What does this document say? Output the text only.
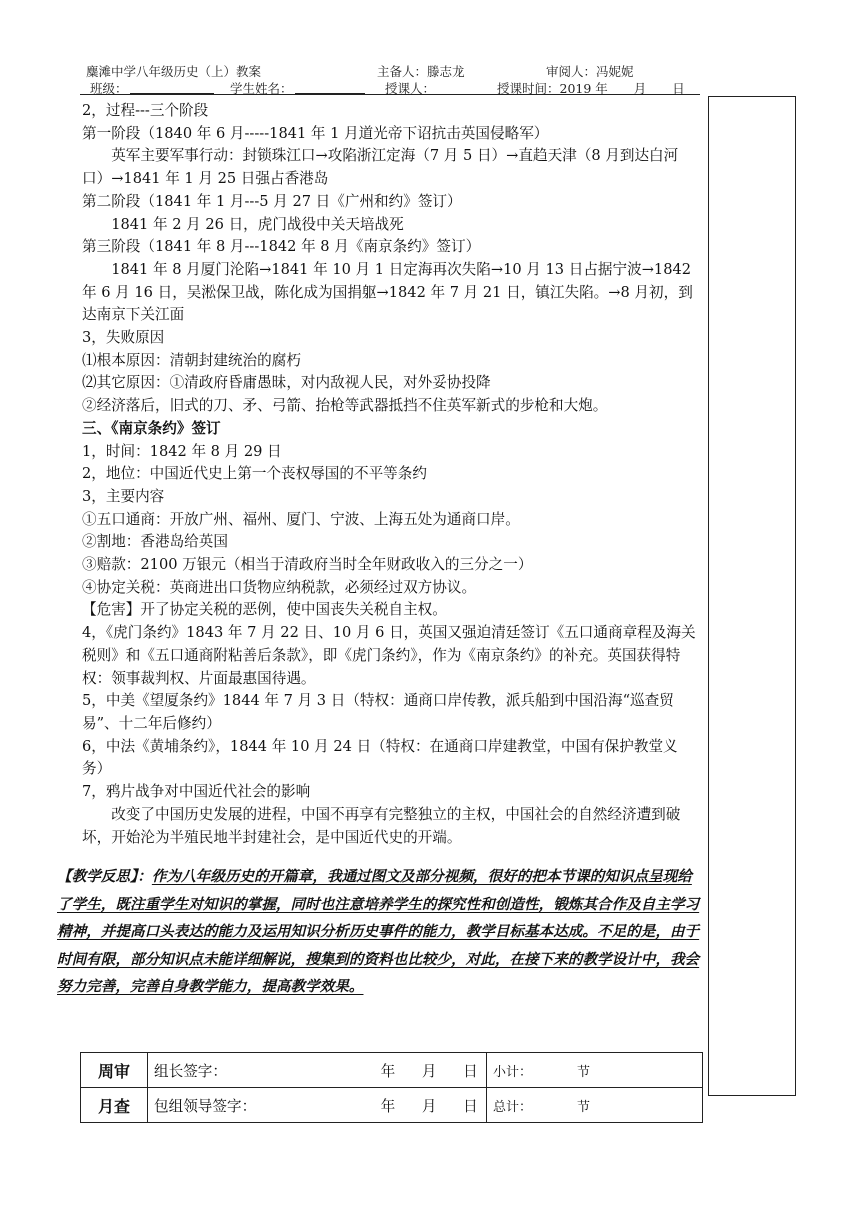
麋滩中学八年级历史（上）教案	主备人：滕志龙	审阅人：冯妮妮
班级：	学生姓名：	授课人：	授课时间：2019 年 月 日

2，过程---三个阶段

第一阶段（1840 年 6 月-----1841 年 1 月道光帝下诏抗击英国侵略军）

英军主要军事行动：封锁珠江口→攻陷浙江定海（7 月 5 日）→直趋天津（8 月到达白河口）→1841 年 1 月 25 日强占香港岛

第二阶段（1841 年 1 月---5 月 27 日《广州和约》签订）

1841 年 2 月 26 日，虎门战役中关天培战死

第三阶段（1841 年 8 月---1842 年 8 月《南京条约》签订）

1841 年 8 月厦门沦陷→1841 年 10 月 1 日定海再次失陷→10 月 13 日占据宁波→1842 年 6 月 16 日，吴淞保卫战，陈化成为国捐躯→1842 年 7 月 21 日，镇江失陷。→8 月初，到达南京下关江面

3，失败原因

⑴根本原因：清朝封建统治的腐朽

⑵其它原因：①清政府昏庸愚昧，对内敌视人民，对外妥协投降

②经济落后，旧式的刀、矛、弓箭、抬枪等武器抵挡不住英军新式的步枪和大炮。

三、《南京条约》签订

1，时间：1842 年 8 月 29 日

2，地位：中国近代史上第一个丧权辱国的不平等条约

3，主要内容

①五口通商：开放广州、福州、厦门、宁波、上海五处为通商口岸。

②割地：香港岛给英国

③赔款：2100 万银元（相当于清政府当时全年财政收入的三分之一）

④协定关税：英商进出口货物应纳税款，必须经过双方协议。

【危害】开了协定关税的恶例，使中国丧失关税自主权。

4，《虎门条约》1843 年 7 月 22 日、10 月 6 日，英国又强迫清廷签订《五口通商章程及海关税则》和《五口通商附粘善后条款》，即《虎门条约》，作为《南京条约》的补充。英国获得特权：领事裁判权、片面最惠国待遇。

5，中美《望厦条约》1844 年 7 月 3 日（特权：通商口岸传教，派兵船到中国沿海“巡查贸易”、十二年后修约）

6，中法《黄埔条约》，1844 年 10 月 24 日（特权：在通商口岸建教堂，中国有保护教堂义务）

7，鸦片战争对中国近代社会的影响

改变了中国历史发展的进程，中国不再享有完整独立的主权，中国社会的自然经济遭到破坏，开始沦为半殖民地半封建社会，是中国近代史的开端。

【教学反思】：作为八年级历史的开篇章，我通过图文及部分视频，很好的把本节课的知识点呈现给了学生，既注重学生对知识的掌握，同时也注意培养学生的探究性和创造性，锻炼其合作及自主学习精神，并提高口头表达的能力及运用知识分析历史事件的能力，教学目标基本达成。不足的是，由于时间有限，部分知识点未能详细解说，搜集到的资料也比较少，对此，在接下来的教学设计中，我会努力完善，完善自身教学能力，提高教学效果。
周审	组长签字： 年 月 日	小计： 节
月查	包组领导签字： 年 月 日	总计： 节
